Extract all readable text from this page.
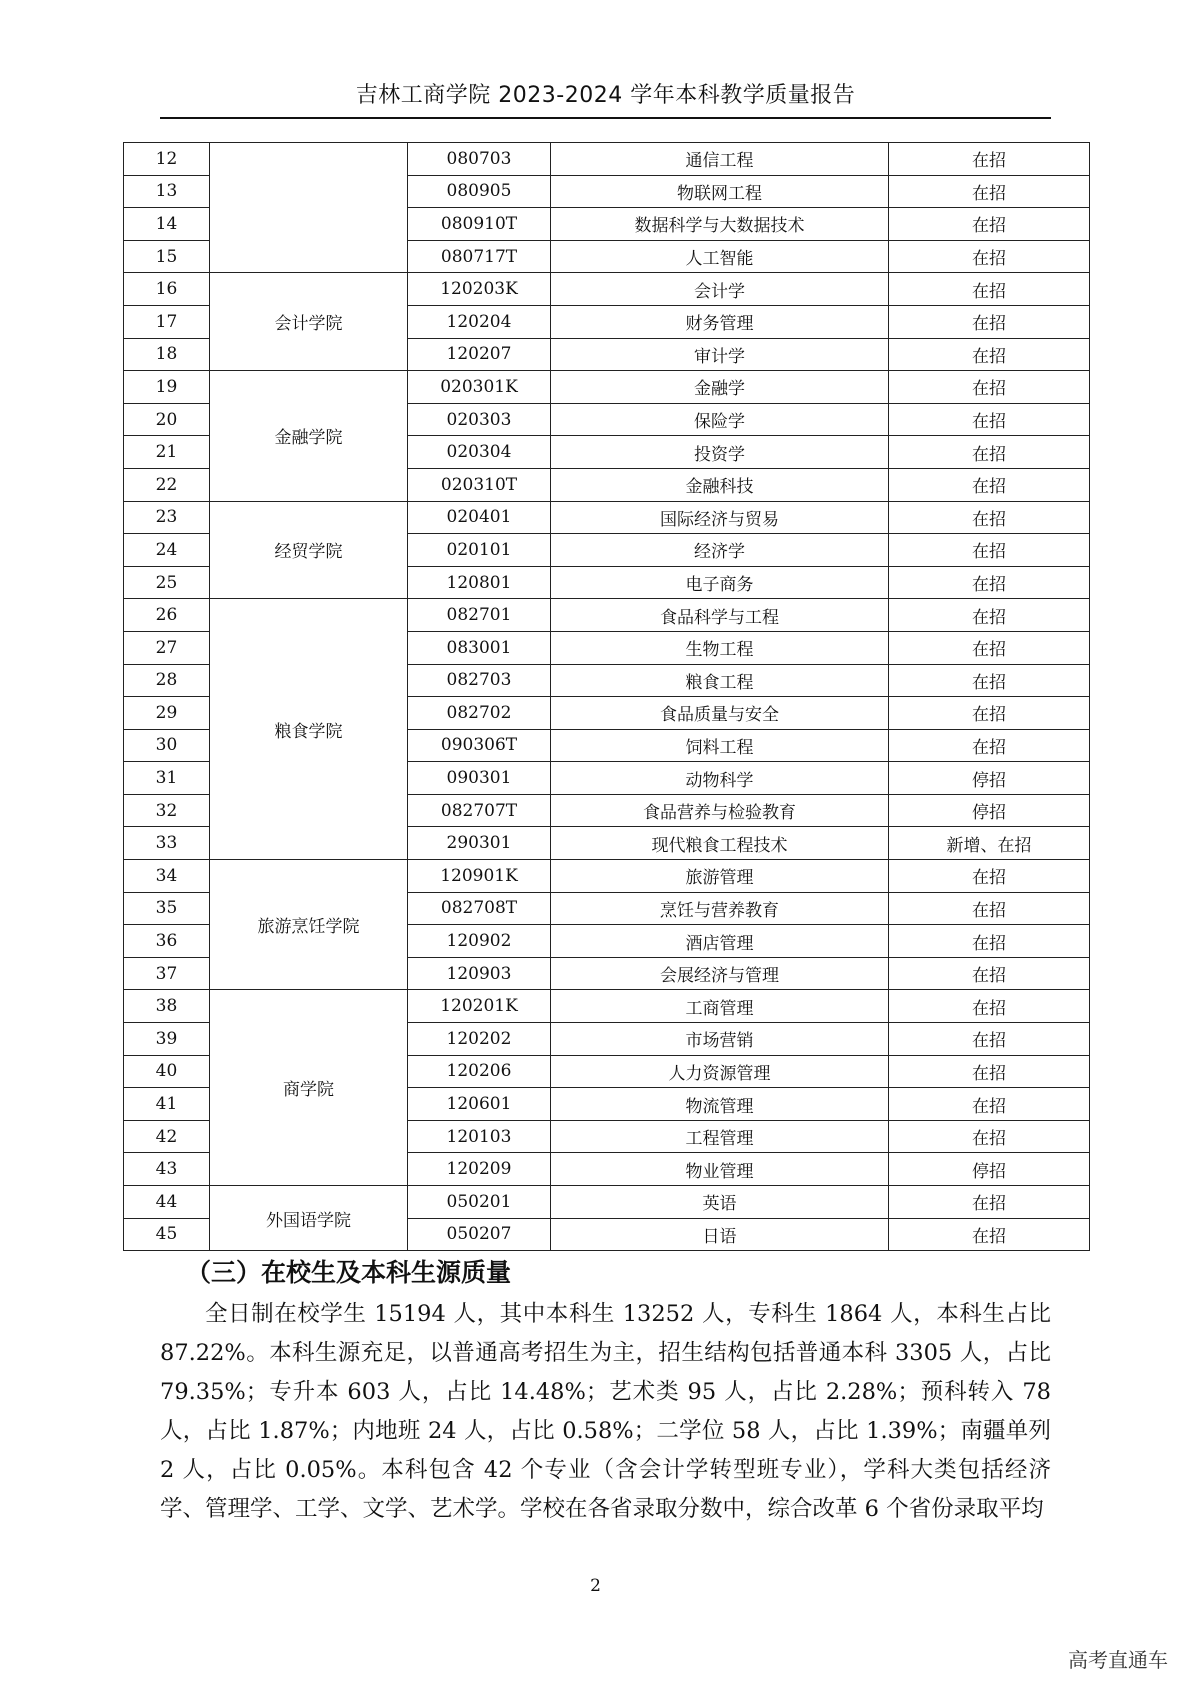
吉林工商学院 2023-2024 学年本科教学质量报告
12		080703	通信工程	在招
13		080905	物联网工程	在招
14		080910T	数据科学与大数据技术	在招
15		080717T	人工智能	在招
16	会计学院	120203K	会计学	在招
17		120204	财务管理	在招
18		120207	审计学	在招
19	金融学院	020301K	金融学	在招
20		020303	保险学	在招
21		020304	投资学	在招
22		020310T	金融科技	在招
23	经贸学院	020401	国际经济与贸易	在招
24		020101	经济学	在招
25		120801	电子商务	在招
26	粮食学院	082701	食品科学与工程	在招
27		083001	生物工程	在招
28		082703	粮食工程	在招
29		082702	食品质量与安全	在招
30		090306T	饲料工程	在招
31		090301	动物科学	停招
32		082707T	食品营养与检验教育	停招
33		290301	现代粮食工程技术	新增、在招
34	旅游烹饪学院	120901K	旅游管理	在招
35		082708T	烹饪与营养教育	在招
36		120902	酒店管理	在招
37		120903	会展经济与管理	在招
38	商学院	120201K	工商管理	在招
39		120202	市场营销	在招
40		120206	人力资源管理	在招
41		120601	物流管理	在招
42		120103	工程管理	在招
43		120209	物业管理	停招
44	外国语学院	050201	英语	在招
45		050207	日语	在招
（三）在校生及本科生源质量
全日制在校学生 15194 人，其中本科生 13252 人，专科生 1864 人，本科生占比 87.22%。本科生源充足，以普通高考招生为主，招生结构包括普通本科 3305 人，占比 79.35%；专升本 603 人，占比 14.48%；艺术类 95 人，占比 2.28%；预科转入 78 人，占比 1.87%；内地班 24 人，占比 0.58%；二学位 58 人，占比 1.39%；南疆单列 2 人，占比 0.05%。本科包含 42 个专业（含会计学转型班专业），学科大类包括经济学、管理学、工学、文学、艺术学。学校在各省录取分数中，综合改革 6 个省份录取平均
2
高考直通车
